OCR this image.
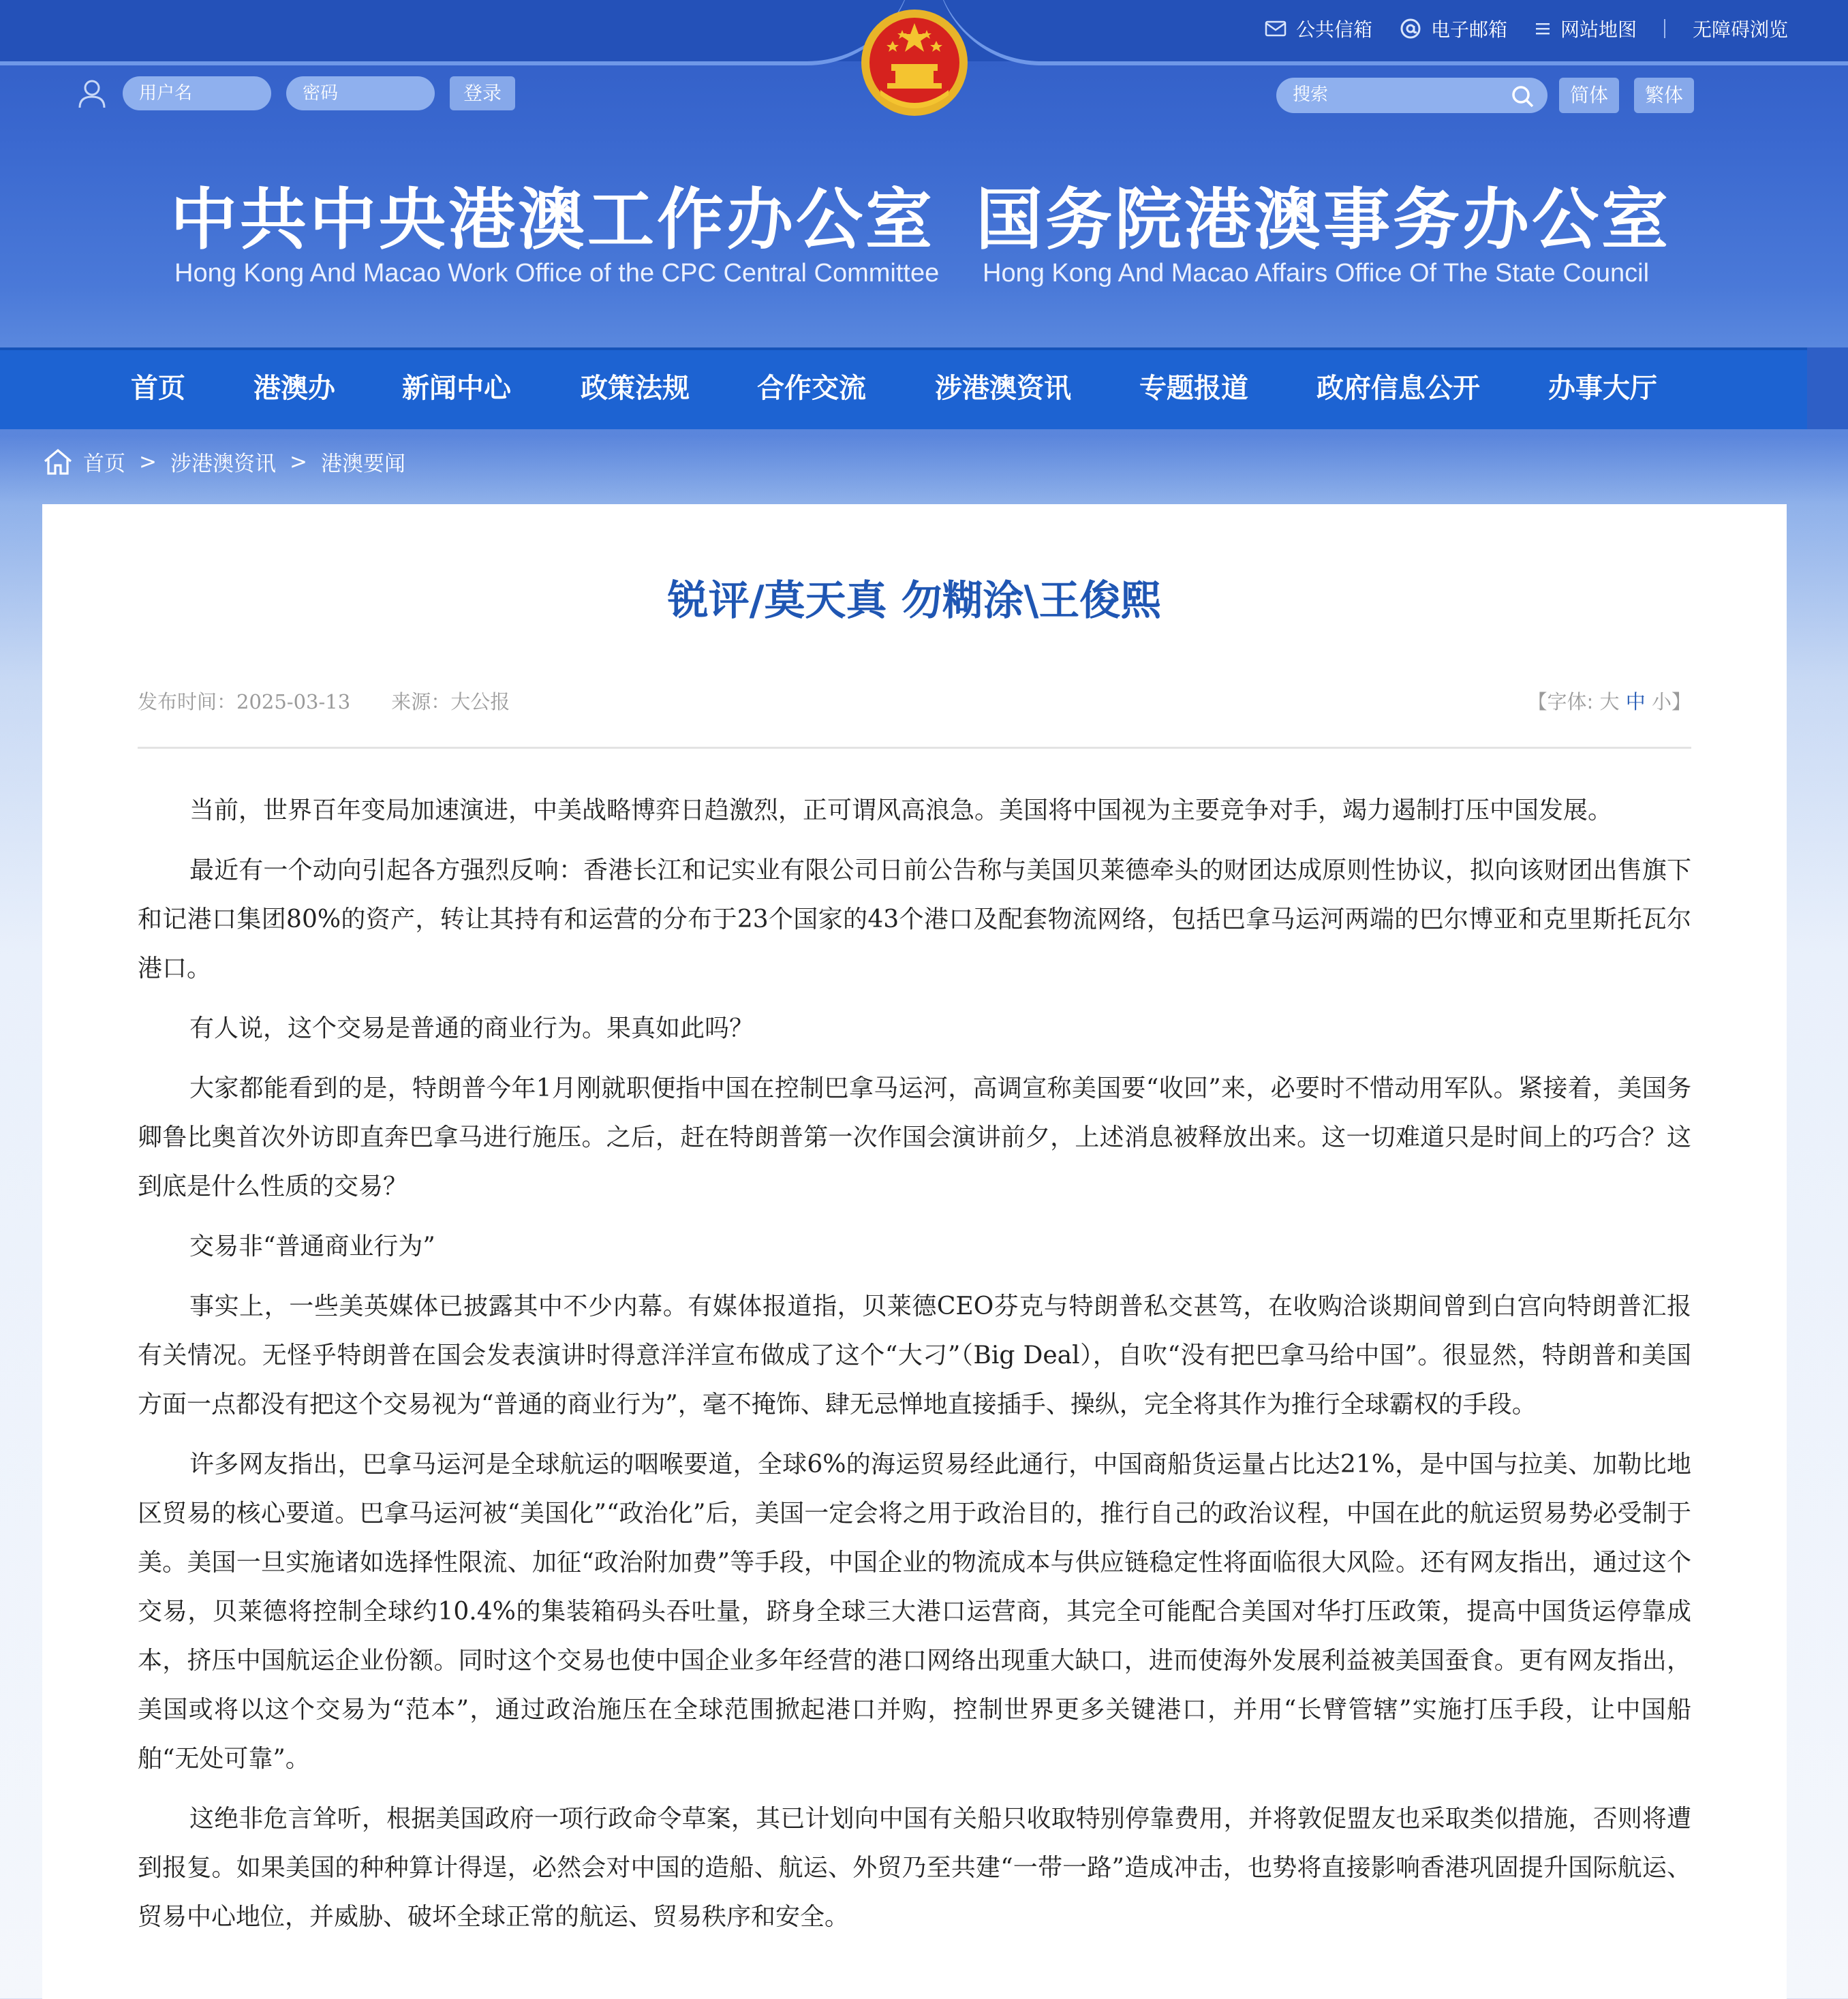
公共信箱	电子邮箱	网站地图	无障碍浏览
用户名	密码	登录	搜索	简体	繁体
中共中央港澳工作办公室
Hong Kong And Macao Work Office of the CPC Central Committee
国务院港澳事务办公室
Hong Kong And Macao Affairs Office Of The State Council
首页	港澳办 新闻中心	政策法规 合作交流	涉港澳资讯	专题报道	政府信息公开	办事大厅
首页 > 涉港澳资讯 > 港澳要闻
锐评/莫天真 勿糊涂\王俊熙
发布时间：2025-03-13 来源：大公报	【字体: 大 中 小】

当前，世界百年变局加速演进，中美战略博弈日趋激烈，正可谓风高浪急。美国将中国视为主要竞争对手，竭力遏制打压中国发展。

最近有一个动向引起各方强烈反响：香港长江和记实业有限公司日前公告称与美国贝莱德牵头的财团达成原则性协议，拟向该财团出售旗下和记港口集团80%的资产，转让其持有和运营的分布于23个国家的43个港口及配套物流网络，包括巴拿马运河两端的巴尔博亚和克里斯托瓦尔港口。

有人说，这个交易是普通的商业行为。果真如此吗？

大家都能看到的是，特朗普今年1月刚就职便指中国在控制巴拿马运河，高调宣称美国要“收回”来，必要时不惜动用军队。紧接着，美国务卿鲁比奥首次外访即直奔巴拿马进行施压。之后，赶在特朗普第一次作国会演讲前夕，上述消息被释放出来。这一切难道只是时间上的巧合？这到底是什么性质的交易？

交易非“普通商业行为”

事实上，一些美英媒体已披露其中不少内幕。有媒体报道指，贝莱德CEO芬克与特朗普私交甚笃，在收购洽谈期间曾到白宫向特朗普汇报有关情况。无怪乎特朗普在国会发表演讲时得意洋洋宣布做成了这个“大刁”（Big Deal），自吹“没有把巴拿马给中国”。很显然，特朗普和美国方面一点都没有把这个交易视为“普通的商业行为”，毫不掩饰、肆无忌惮地直接插手、操纵，完全将其作为推行全球霸权的手段。

许多网友指出，巴拿马运河是全球航运的咽喉要道，全球6%的海运贸易经此通行，中国商船货运量占比达21%，是中国与拉美、加勒比地区贸易的核心要道。巴拿马运河被“美国化”“政治化”后，美国一定会将之用于政治目的，推行自己的政治议程，中国在此的航运贸易势必受制于美。美国一旦实施诸如选择性限流、加征“政治附加费”等手段，中国企业的物流成本与供应链稳定性将面临很大风险。还有网友指出，通过这个交易，贝莱德将控制全球约10.4%的集装箱码头吞吐量，跻身全球三大港口运营商，其完全可能配合美国对华打压政策，提高中国货运停靠成本，挤压中国航运企业份额。同时这个交易也使中国企业多年经营的港口网络出现重大缺口，进而使海外发展利益被美国蚕食。更有网友指出，美国或将以这个交易为“范本”，通过政治施压在全球范围掀起港口并购，控制世界更多关键港口，并用“长臂管辖”实施打压手段，让中国船舶“无处可靠”。

这绝非危言耸听，根据美国政府一项行政命令草案，其已计划向中国有关船只收取特别停靠费用，并将敦促盟友也采取类似措施，否则将遭到报复。如果美国的种种算计得逞，必然会对中国的造船、航运、外贸乃至共建“一带一路”造成冲击，也势将直接影响香港巩固提升国际航运、贸易中心地位，并威胁、破坏全球正常的航运、贸易秩序和安全。
